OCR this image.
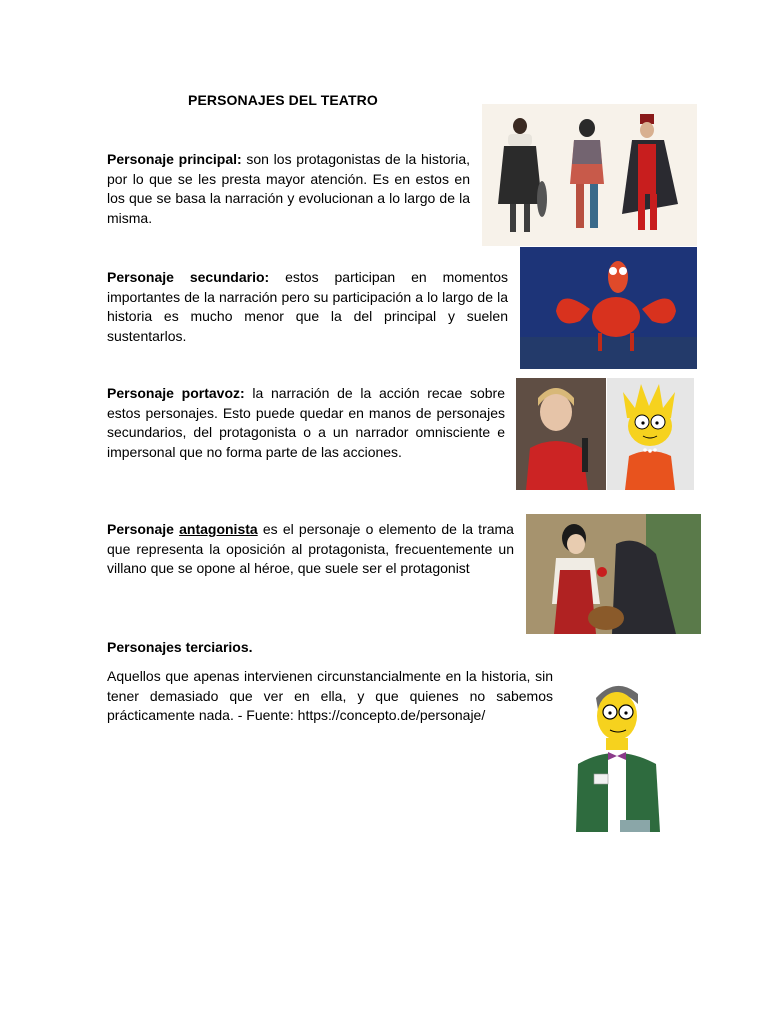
PERSONAJES DEL TEATRO
Personaje principal: son los protagonistas de la historia, por lo que se les presta mayor atención. Es en estos en los que se basa la narración y evolucionan a lo largo de la misma.
Personaje secundario: estos participan en momentos importantes de la narración pero su participación a lo largo de la historia es mucho menor que la del principal y suelen sustentarlos.
Personaje portavoz: la narración de la acción recae sobre estos personajes. Esto puede quedar en manos de personajes secundarios, del protagonista o a un narrador omnisciente e impersonal que no forma parte de las acciones.
Personaje antagonista es el personaje o elemento de la trama que representa la oposición al protagonista, frecuentemente un villano que se opone al héroe, que suele ser el protagonist
Personajes terciarios.
Aquellos que apenas intervienen circunstancialmente en la historia, sin tener demasiado que ver en ella, y que quienes no sabemos prácticamente nada. - Fuente: https://concepto.de/personaje/
